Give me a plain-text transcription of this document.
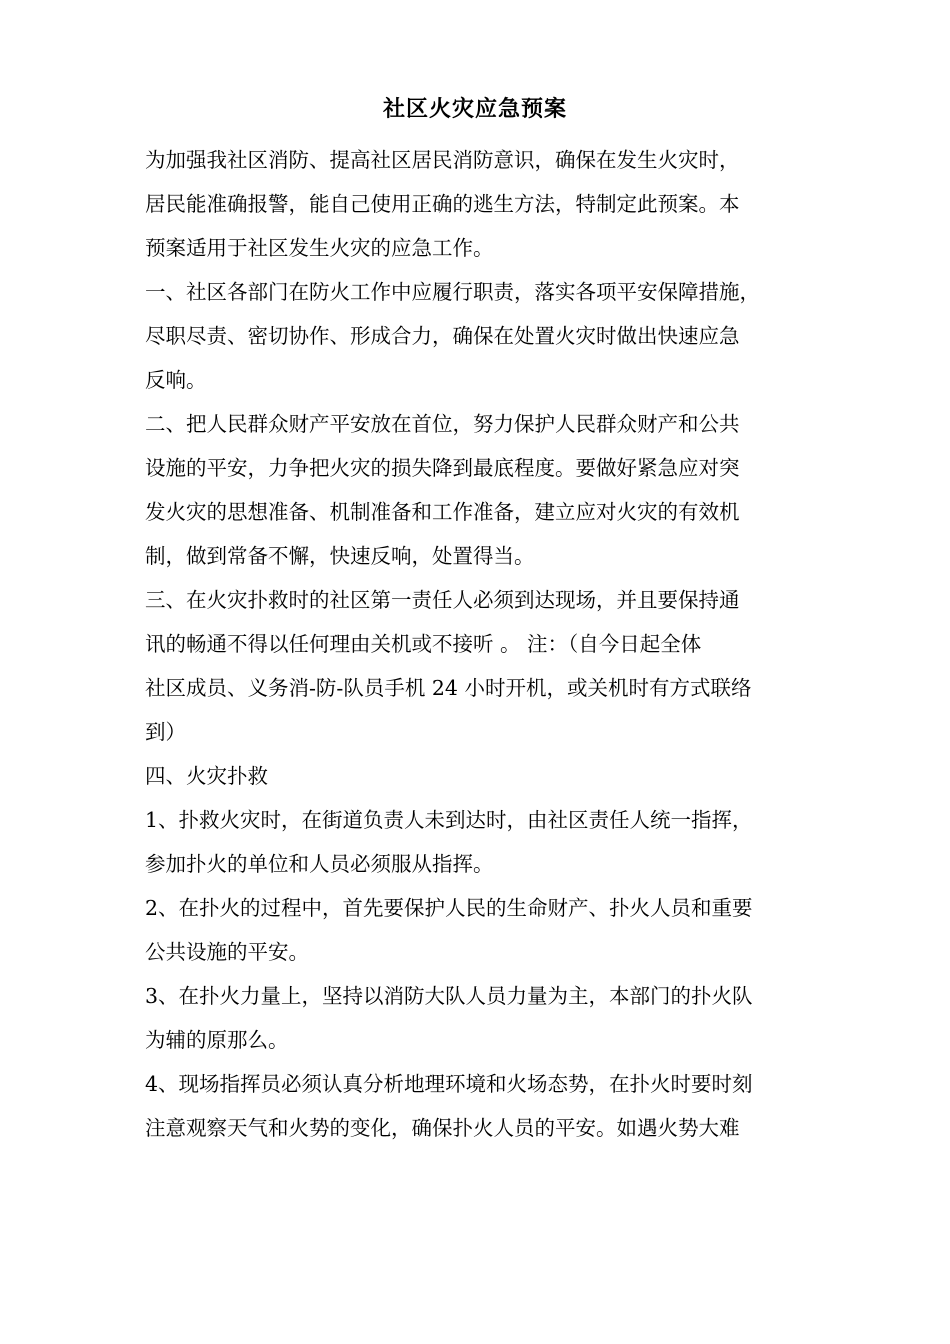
社区火灾应急预案
为加强我社区消防、提高社区居民消防意识，确保在发生火灾时，
居民能准确报警，能自己使用正确的逃生方法，特制定此预案。本
预案适用于社区发生火灾的应急工作。
一、社区各部门在防火工作中应履行职责，落实各项平安保障措施，
尽职尽责、密切协作、形成合力，确保在处置火灾时做出快速应急
反响。
二、把人民群众财产平安放在首位，努力保护人民群众财产和公共
设施的平安，力争把火灾的损失降到最底程度。要做好紧急应对突
发火灾的思想准备、机制准备和工作准备，建立应对火灾的有效机
制，做到常备不懈，快速反响，处置得当。
三、在火灾扑救时的社区第一责任人必须到达现场，并且要保持通
讯的畅通不得以任何理由关机或不接听 。 注：（自今日起全体
社区成员、义务消-防-队员手机 24 小时开机，或关机时有方式联络
到）
四、火灾扑救
1、扑救火灾时，在街道负责人未到达时，由社区责任人统一指挥，
参加扑火的单位和人员必须服从指挥。
2、在扑火的过程中，首先要保护人民的生命财产、扑火人员和重要
公共设施的平安。
3、在扑火力量上，坚持以消防大队人员力量为主，本部门的扑火队
为辅的原那么。
4、现场指挥员必须认真分析地理环境和火场态势，在扑火时要时刻
注意观察天气和火势的变化，确保扑火人员的平安。如遇火势大难
